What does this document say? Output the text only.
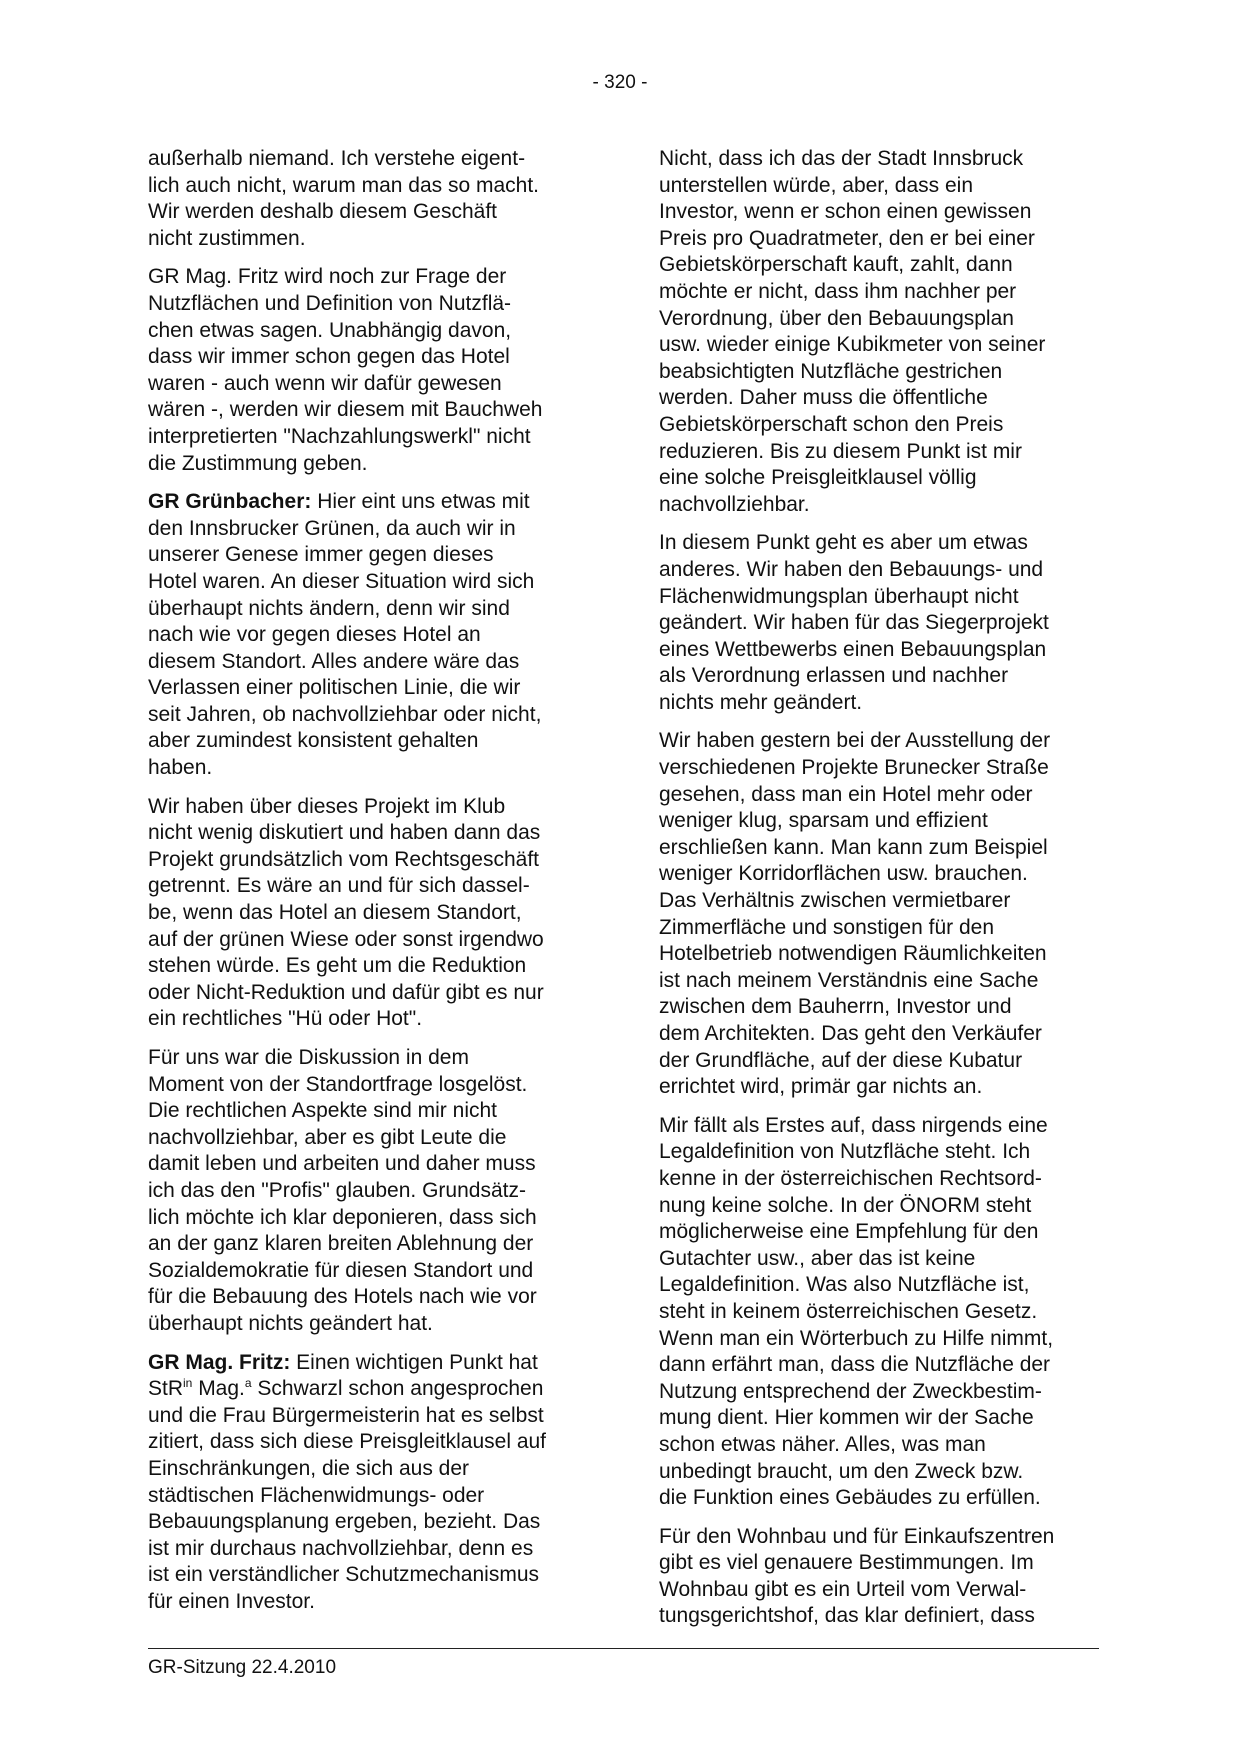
- 320 -

außerhalb niemand. Ich verstehe eigent-
lich auch nicht, warum man das so macht.
Wir werden deshalb diesem Geschäft
nicht zustimmen.

GR Mag. Fritz wird noch zur Frage der
Nutzflächen und Definition von Nutzflä-
chen etwas sagen. Unabhängig davon,
dass wir immer schon gegen das Hotel
waren - auch wenn wir dafür gewesen
wären -, werden wir diesem mit Bauchweh
interpretierten "Nachzahlungswerkl" nicht
die Zustimmung geben.

GR Grünbacher: Hier eint uns etwas mit
den Innsbrucker Grünen, da auch wir in
unserer Genese immer gegen dieses
Hotel waren. An dieser Situation wird sich
überhaupt nichts ändern, denn wir sind
nach wie vor gegen dieses Hotel an
diesem Standort. Alles andere wäre das
Verlassen einer politischen Linie, die wir
seit Jahren, ob nachvollziehbar oder nicht,
aber zumindest konsistent gehalten
haben.

Wir haben über dieses Projekt im Klub
nicht wenig diskutiert und haben dann das
Projekt grundsätzlich vom Rechtsgeschäft
getrennt. Es wäre an und für sich dassel-
be, wenn das Hotel an diesem Standort,
auf der grünen Wiese oder sonst irgendwo
stehen würde. Es geht um die Reduktion
oder Nicht-Reduktion und dafür gibt es nur
ein rechtliches "Hü oder Hot".

Für uns war die Diskussion in dem
Moment von der Standortfrage losgelöst.
Die rechtlichen Aspekte sind mir nicht
nachvollziehbar, aber es gibt Leute die
damit leben und arbeiten und daher muss
ich das den "Profis" glauben. Grundsätz-
lich möchte ich klar deponieren, dass sich
an der ganz klaren breiten Ablehnung der
Sozialdemokratie für diesen Standort und
für die Bebauung des Hotels nach wie vor
überhaupt nichts geändert hat.

GR Mag. Fritz: Einen wichtigen Punkt hat
StR$^{in}$ Mag.$^a$ Schwarzl schon angesprochen
und die Frau Bürgermeisterin hat es selbst
zitiert, dass sich diese Preisgleitklausel auf
Einschränkungen, die sich aus der
städtischen Flächenwidmungs- oder
Bebauungsplanung ergeben, bezieht. Das
ist mir durchaus nachvollziehbar, denn es
ist ein verständlicher Schutzmechanismus
für einen Investor.

Nicht, dass ich das der Stadt Innsbruck
unterstellen würde, aber, dass ein
Investor, wenn er schon einen gewissen
Preis pro Quadratmeter, den er bei einer
Gebietskörperschaft kauft, zahlt, dann
möchte er nicht, dass ihm nachher per
Verordnung, über den Bebauungsplan
usw. wieder einige Kubikmeter von seiner
beabsichtigten Nutzfläche gestrichen
werden. Daher muss die öffentliche
Gebietskörperschaft schon den Preis
reduzieren. Bis zu diesem Punkt ist mir
eine solche Preisgleitklausel völlig
nachvollziehbar.

In diesem Punkt geht es aber um etwas
anderes. Wir haben den Bebauungs- und
Flächenwidmungsplan überhaupt nicht
geändert. Wir haben für das Siegerprojekt
eines Wettbewerbs einen Bebauungsplan
als Verordnung erlassen und nachher
nichts mehr geändert.

Wir haben gestern bei der Ausstellung der
verschiedenen Projekte Brunecker Straße
gesehen, dass man ein Hotel mehr oder
weniger klug, sparsam und effizient
erschließen kann. Man kann zum Beispiel
weniger Korridorflächen usw. brauchen.
Das Verhältnis zwischen vermietbarer
Zimmerfläche und sonstigen für den
Hotelbetrieb notwendigen Räumlichkeiten
ist nach meinem Verständnis eine Sache
zwischen dem Bauherrn, Investor und
dem Architekten. Das geht den Verkäufer
der Grundfläche, auf der diese Kubatur
errichtet wird, primär gar nichts an.

Mir fällt als Erstes auf, dass nirgends eine
Legaldefinition von Nutzfläche steht. Ich
kenne in der österreichischen Rechtsord-
nung keine solche. In der ÖNORM steht
möglicherweise eine Empfehlung für den
Gutachter usw., aber das ist keine
Legaldefinition. Was also Nutzfläche ist,
steht in keinem österreichischen Gesetz.
Wenn man ein Wörterbuch zu Hilfe nimmt,
dann erfährt man, dass die Nutzfläche der
Nutzung entsprechend der Zweckbestim-
mung dient. Hier kommen wir der Sache
schon etwas näher. Alles, was man
unbedingt braucht, um den Zweck bzw.
die Funktion eines Gebäudes zu erfüllen.

Für den Wohnbau und für Einkaufszentren
gibt es viel genauere Bestimmungen. Im
Wohnbau gibt es ein Urteil vom Verwal-
tungsgerichtshof, das klar definiert, dass

GR-Sitzung 22.4.2010
